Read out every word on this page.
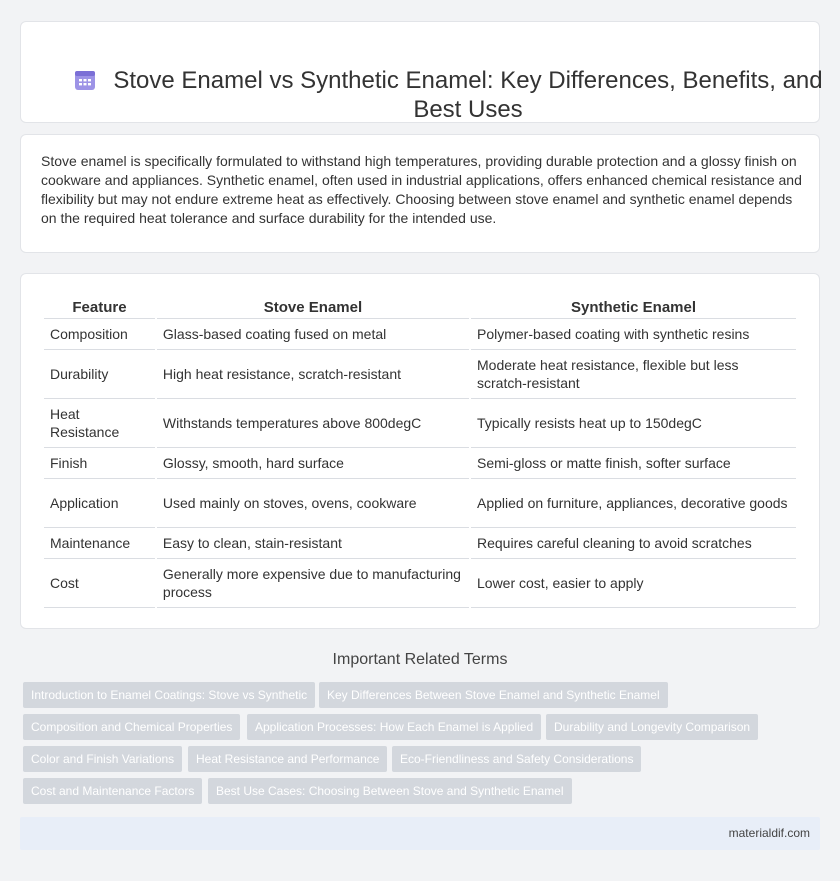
Stove Enamel vs Synthetic Enamel: Key Differences, Benefits, and Best Uses

Stove enamel is specifically formulated to withstand high temperatures, providing durable protection and a glossy finish on cookware and appliances. Synthetic enamel, often used in industrial applications, offers enhanced chemical resistance and flexibility but may not endure extreme heat as effectively. Choosing between stove enamel and synthetic enamel depends on the required heat tolerance and surface durability for the intended use.

Feature	Stove Enamel	Synthetic Enamel
Composition	Glass-based coating fused on metal	Polymer-based coating with synthetic resins
Durability	High heat resistance, scratch-resistant	Moderate heat resistance, flexible but less scratch-resistant
Heat Resistance	Withstands temperatures above 800degC	Typically resists heat up to 150degC
Finish	Glossy, smooth, hard surface	Semi-gloss or matte finish, softer surface
Application	Used mainly on stoves, ovens, cookware	Applied on furniture, appliances, decorative goods
Maintenance	Easy to clean, stain-resistant	Requires careful cleaning to avoid scratches
Cost	Generally more expensive due to manufacturing process	Lower cost, easier to apply
Important Related Terms
Introduction to Enamel Coatings: Stove vs Synthetic	Key Differences Between Stove Enamel and Synthetic Enamel
Composition and Chemical Properties	Application Processes: How Each Enamel is Applied	Durability and Longevity Comparison
Color and Finish Variations	Heat Resistance and Performance	Eco-Friendliness and Safety Considerations
Cost and Maintenance Factors	Best Use Cases: Choosing Between Stove and Synthetic Enamel
materialdif.com
